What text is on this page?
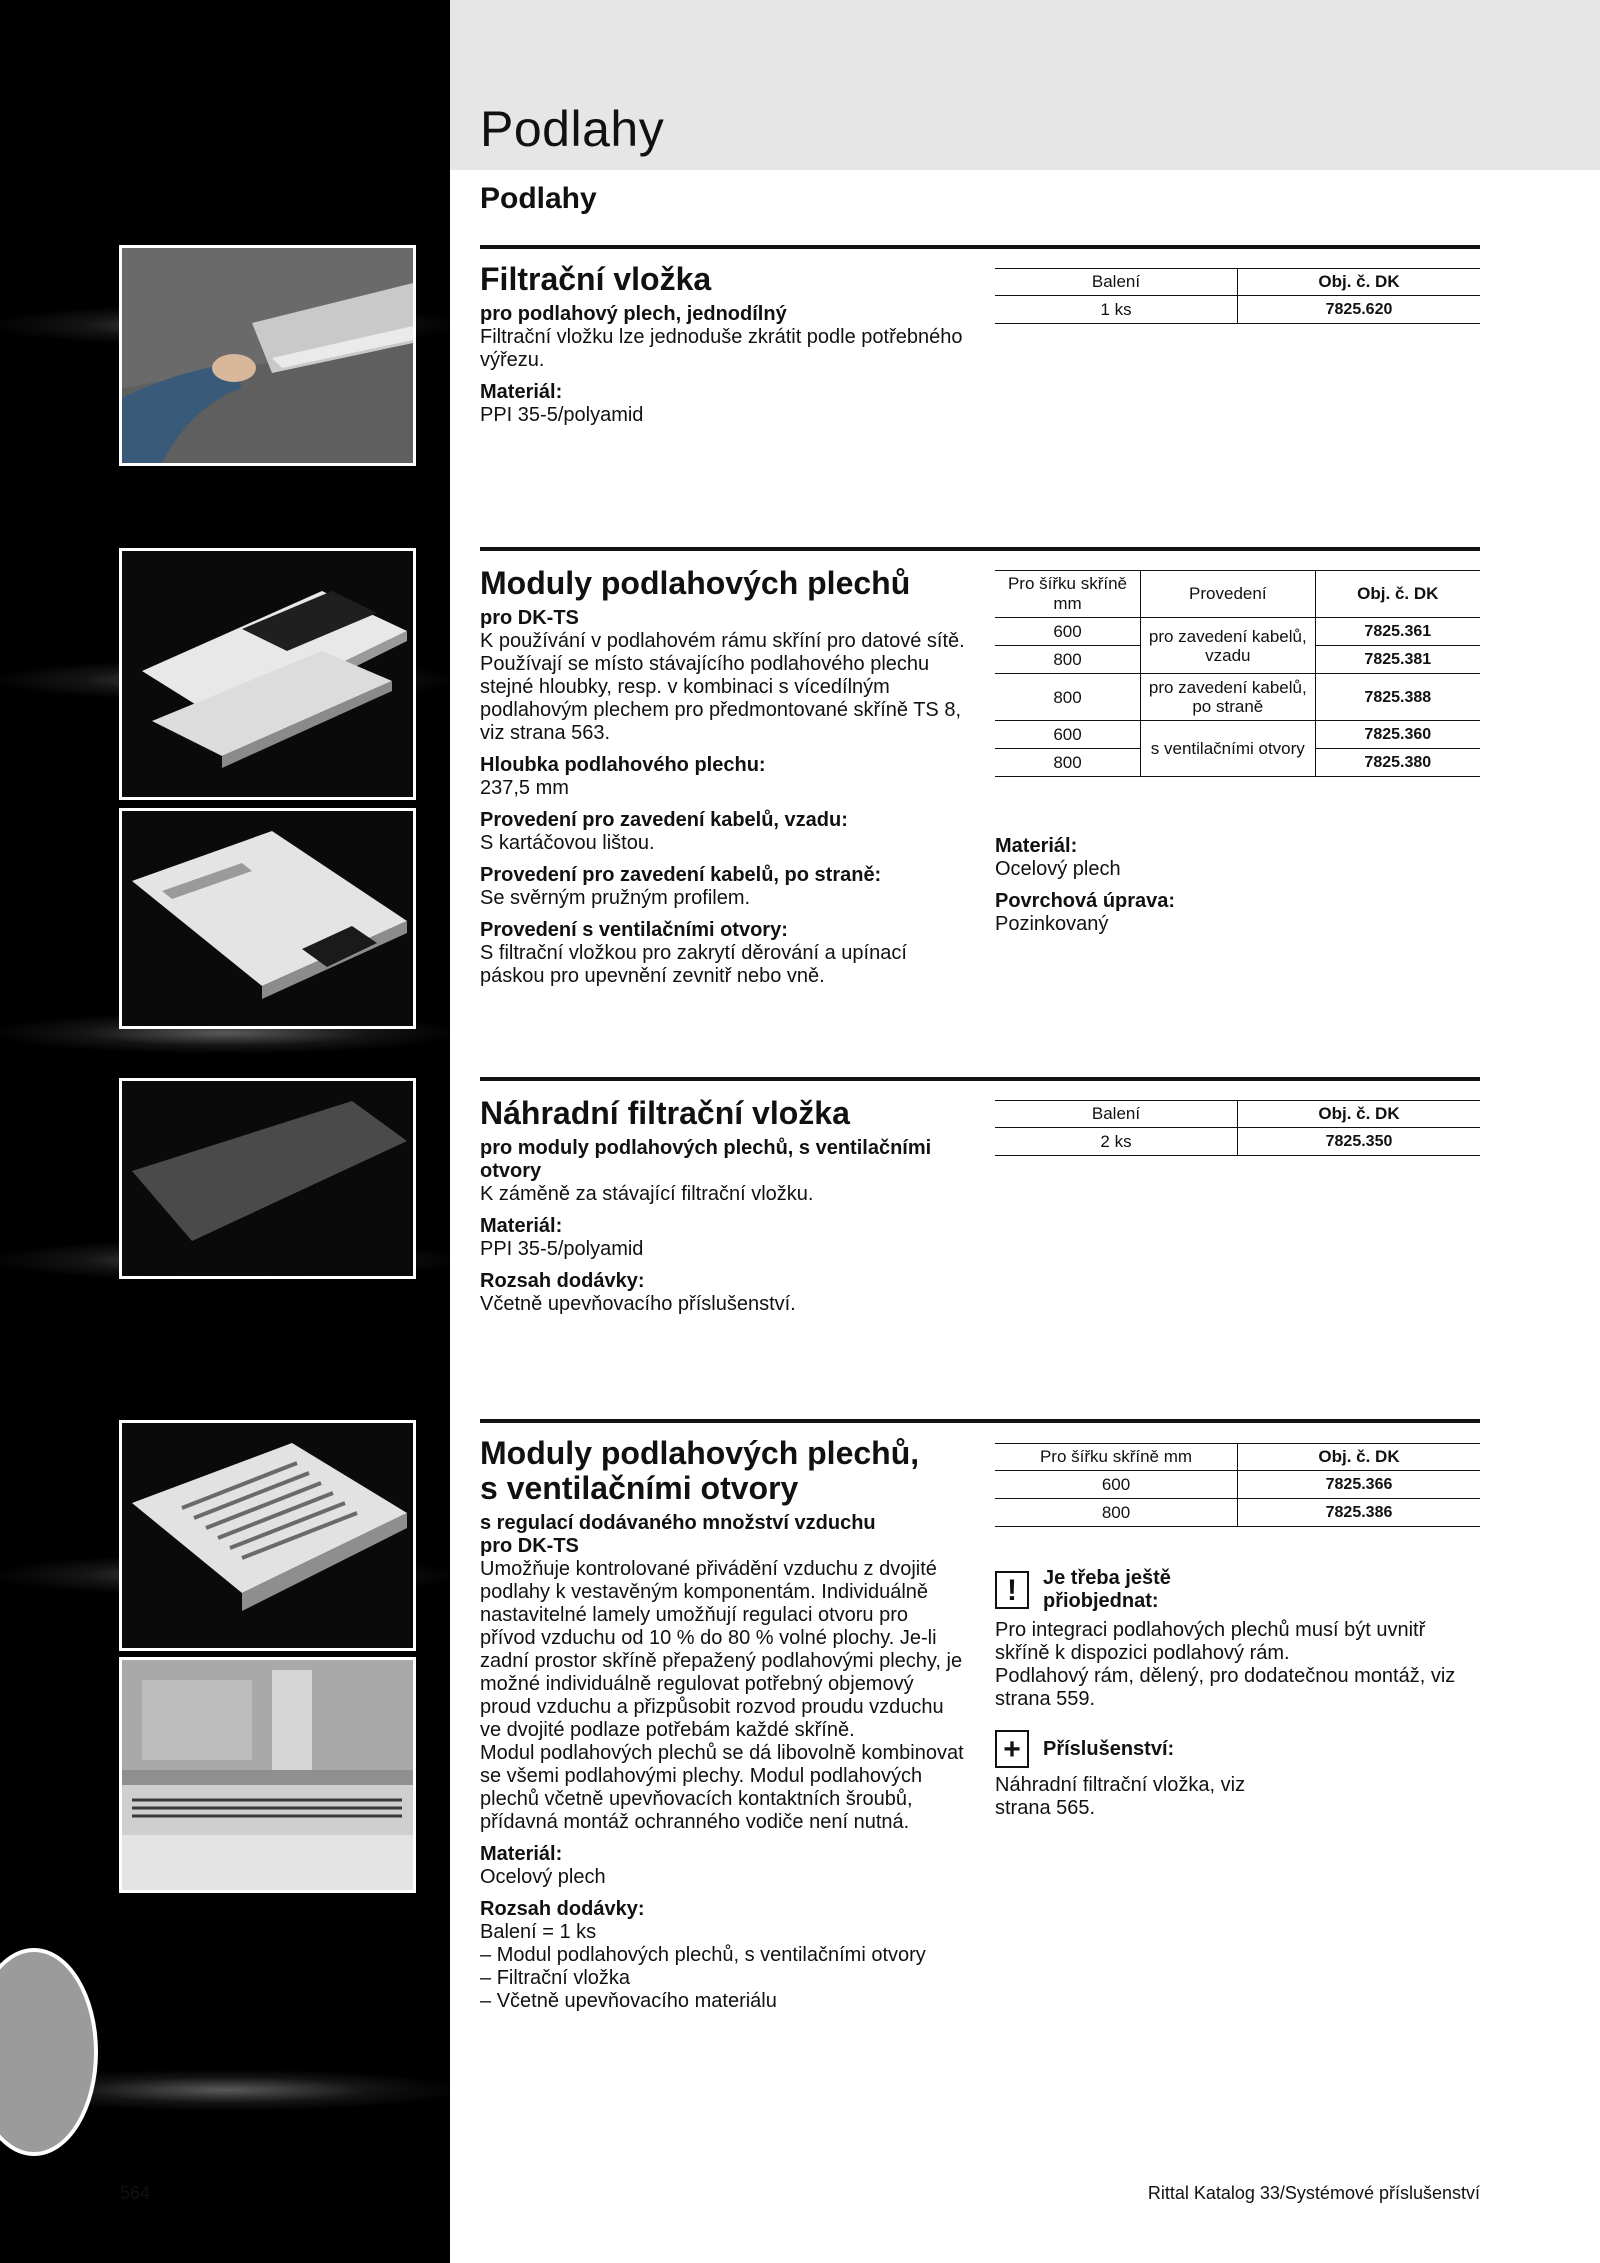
Podlahy
Podlahy
Filtrační vložka
pro podlahový plech, jednodílný

Filtrační vložku lze jednoduše zkrátit podle potřebného výřezu.

Materiál:
PPI 35-5/polyamid

Balení	Obj. č. DK
1 ks	7825.620
Moduly podlahových plechů
pro DK-TS

K používání v podlahovém rámu skříní pro datové sítě. Používají se místo stávajícího podlahového plechu stejné hloubky, resp. v kombinaci s vícedílným podlahovým plechem pro předmontované skříně TS 8, viz strana 563.

Hloubka podlahového plechu:
237,5 mm

Provedení pro zavedení kabelů, vzadu:
S kartáčovou lištou.

Provedení pro zavedení kabelů, po straně:
Se svěrným pružným profilem.

Provedení s ventilačními otvory:
S filtrační vložkou pro zakrytí děrování a upínací páskou pro upevnění zevnitř nebo vně.

Pro šířku skříně mm	Provedení	Obj. č. DK
600	pro zavedení kabelů, vzadu	7825.361
800		7825.381
800	pro zavedení kabelů, po straně	7825.388
600	s ventilačními otvory	7825.360
800		7825.380

Materiál:
Ocelový plech

Povrchová úprava:
Pozinkovaný

Náhradní filtrační vložka
pro moduly podlahových plechů, s ventilačními otvory

K záměně za stávající filtrační vložku.

Materiál:
PPI 35-5/polyamid

Rozsah dodávky:
Včetně upevňovacího příslušenství.

Balení	Obj. č. DK
2 ks	7825.350
Moduly podlahových plechů,
s ventilačními otvory
s regulací dodávaného množství vzduchu
pro DK-TS
Umožňuje kontrolované přivádění vzduchu z dvojité podlahy k vestavěným komponentám. Individuálně nastavitelné lamely umožňují regulaci otvoru pro přívod vzduchu od 10 % do 80 % volné plochy. Je-li zadní prostor skříně přepažený podlahovými plechy, je možné individuálně regulovat potřebný objemový proud vzduchu a přizpůsobit rozvod proudu vzduchu ve dvojité podlaze potřebám každé skříně.

Modul podlahových plechů se dá libovolně kombinovat se všemi podlahovými plechy. Modul podlahových plechů včetně upevňovacích kontaktních šroubů, přídavná montáž ochranného vodiče není nutná.

Materiál:
Ocelový plech

Rozsah dodávky:
Balení = 1 ks
– Modul podlahových plechů, s ventilačními otvory
– Filtrační vložka
– Včetně upevňovacího materiálu
Pro šířku skříně mm	Obj. č. DK
600	7825.366
800	7825.386
!	Je třeba ještě přiobjednat:
Pro integraci podlahových plechů musí být uvnitř skříně k dispozici podlahový rám.
Podlahový rám, dělený, pro dodatečnou montáž, viz strana 559.
+	Příslušenství:
Náhradní filtrační vložka, viz strana 565.
564	Rittal Katalog 33/Systémové příslušenství
